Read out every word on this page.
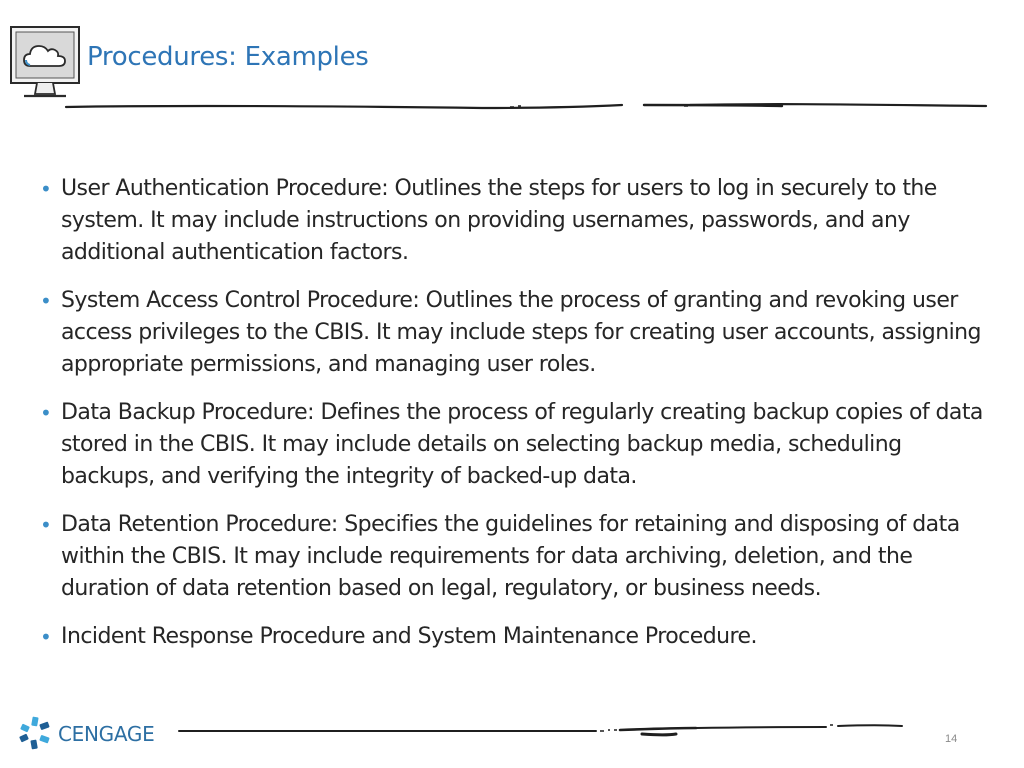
Procedures: Examples
• User Authentication Procedure: Outlines the steps for users to log in securely to the system. It may include instructions on providing usernames, passwords, and any additional authentication factors.
• System Access Control Procedure: Outlines the process of granting and revoking user access privileges to the CBIS. It may include steps for creating user accounts, assigning appropriate permissions, and managing user roles.
• Data Backup Procedure: Defines the process of regularly creating backup copies of data stored in the CBIS. It may include details on selecting backup media, scheduling backups, and verifying the integrity of backed-up data.
• Data Retention Procedure: Specifies the guidelines for retaining and disposing of data within the CBIS. It may include requirements for data archiving, deletion, and the duration of data retention based on legal, regulatory, or business needs.
• Incident Response Procedure and System Maintenance Procedure.
CENGAGE	14
